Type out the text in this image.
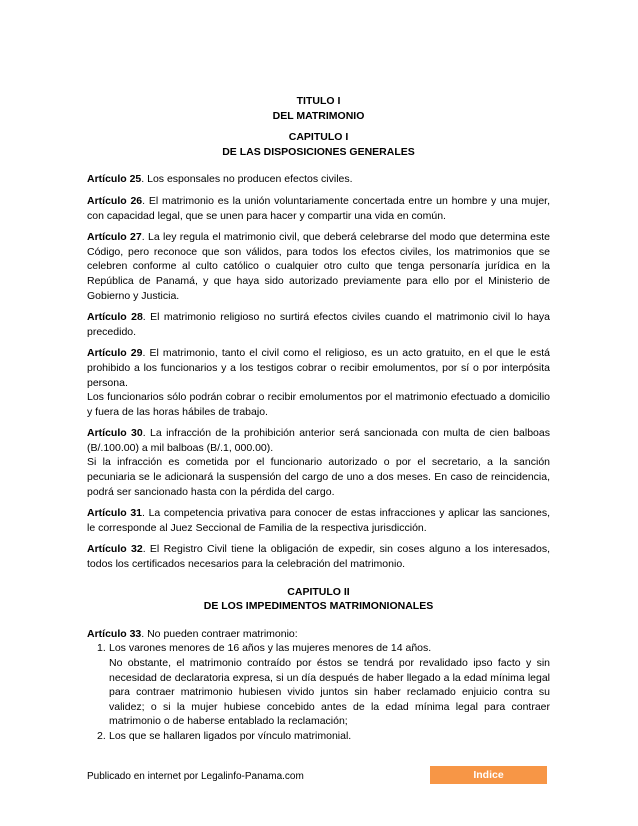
TITULO I
DEL MATRIMONIO
CAPITULO I
DE LAS DISPOSICIONES GENERALES

Artículo 25. Los esponsales no producen efectos civiles.

Artículo 26. El matrimonio es la unión voluntariamente concertada entre un hombre y una mujer, con capacidad legal, que se unen para hacer y compartir una vida en común.

Artículo 27. La ley regula el matrimonio civil, que deberá celebrarse del modo que determina este Código, pero reconoce que son válidos, para todos los efectos civiles, los matrimonios que se celebren conforme al culto católico o cualquier otro culto que tenga personaría jurídica en la República de Panamá, y que haya sido autorizado previamente para ello por el Ministerio de Gobierno y Justicia.

Artículo 28. El matrimonio religioso no surtirá efectos civiles cuando el matrimonio civil lo haya precedido.

Artículo 29. El matrimonio, tanto el civil como el religioso, es un acto gratuito, en el que le está prohibido a los funcionarios y a los testigos cobrar o recibir emolumentos, por sí o por interpósita persona.

Los funcionarios sólo podrán cobrar o recibir emolumentos por el matrimonio efectuado a domicilio y fuera de las horas hábiles de trabajo.

Artículo 30. La infracción de la prohibición anterior será sancionada con multa de cien balboas (B/.100.00) a mil balboas (B/.1, 000.00).

Si la infracción es cometida por el funcionario autorizado o por el secretario, a la sanción pecuniaria se le adicionará la suspensión del cargo de uno a dos meses. En caso de reincidencia, podrá ser sancionado hasta con la pérdida del cargo.

Artículo 31. La competencia privativa para conocer de estas infracciones y aplicar las sanciones, le corresponde al Juez Seccional de Familia de la respectiva jurisdicción.

Artículo 32. El Registro Civil tiene la obligación de expedir, sin coses alguno a los interesados, todos los certificados necesarios para la celebración del matrimonio.

CAPITULO II
DE LOS IMPEDIMENTOS MATRIMONIONALES

Artículo 33. No pueden contraer matrimonio:

1. Los varones menores de 16 años y las mujeres menores de 14 años.

No obstante, el matrimonio contraído por éstos se tendrá por revalidado ipso facto y sin necesidad de declaratoria expresa, si un día después de haber llegado a la edad mínima legal para contraer matrimonio hubiesen vivido juntos sin haber reclamado enjuicio contra su validez; o si la mujer hubiese concebido antes de la edad mínima legal para contraer matrimonio o de haberse entablado la reclamación;

2. Los que se hallaren ligados por vínculo matrimonial.

Publicado en internet por Legalinfo-Panama.com	Indice
